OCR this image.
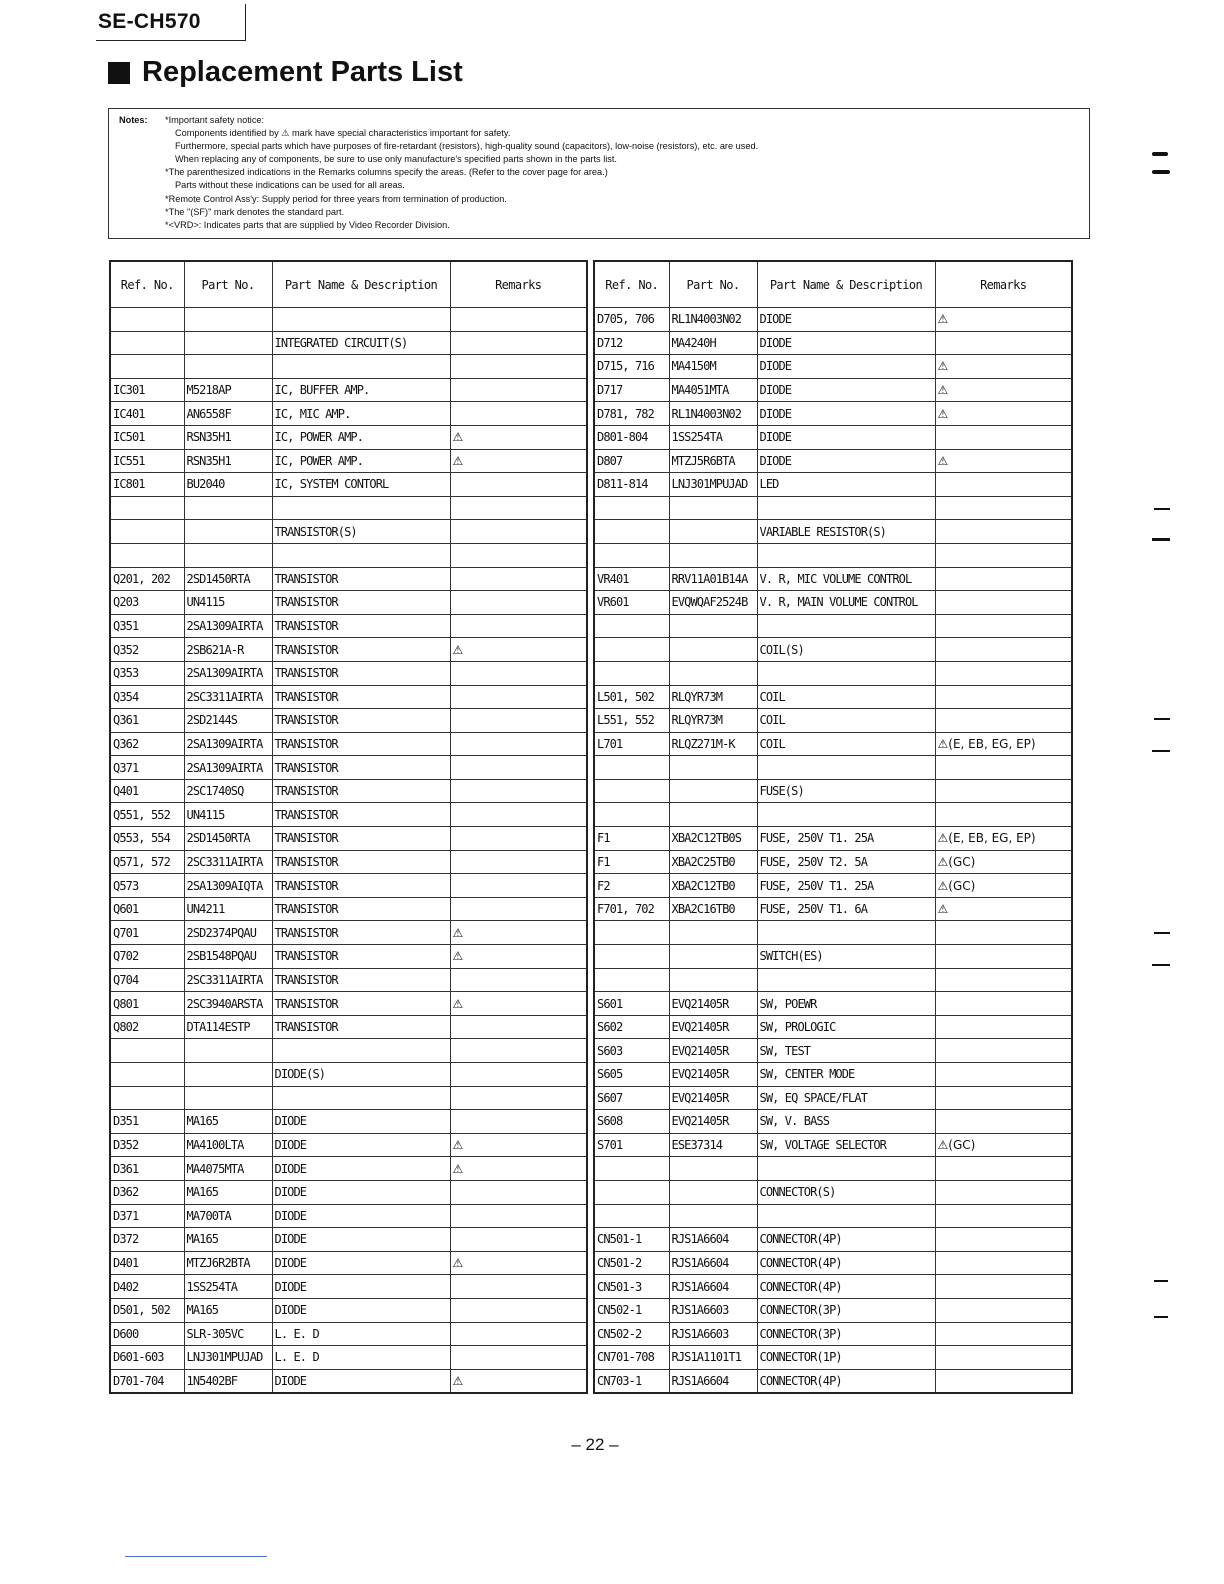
SE-CH570
Replacement Parts List
Notes:	*Important safety notice:
Components identified by ⚠ mark have special characteristics important for safety.
Furthermore, special parts which have purposes of fire-retardant (resistors), high-quality sound (capacitors), low-noise (resistors), etc. are used.
When replacing any of components, be sure to use only manufacture's specified parts shown in the parts list.
*The parenthesized indications in the Remarks columns specify the areas. (Refer to the cover page for area.)
Parts without these indications can be used for all areas.
*Remote Control Ass'y: Supply period for three years from termination of production.
*The "(SF)" mark denotes the standard part.
*<VRD>: Indicates parts that are supplied by Video Recorder Division.
Ref. No.	Part No.	Part Name & Description	Remarks

		INTEGRATED CIRCUIT(S)	

IC301	M5218AP	IC, BUFFER AMP.	
IC401	AN6558F	IC, MIC AMP.	
IC501	RSN35H1	IC, POWER AMP.	⚠
IC551	RSN35H1	IC, POWER AMP.	⚠
IC801	BU2040	IC, SYSTEM CONTORL	

		TRANSISTOR(S)	

Q201, 202	2SD1450RTA	TRANSISTOR	
Q203	UN4115	TRANSISTOR	
Q351	2SA1309AIRTA	TRANSISTOR	
Q352	2SB621A-R	TRANSISTOR	⚠
Q353	2SA1309AIRTA	TRANSISTOR	
Q354	2SC3311AIRTA	TRANSISTOR	
Q361	2SD2144S	TRANSISTOR	
Q362	2SA1309AIRTA	TRANSISTOR	
Q371	2SA1309AIRTA	TRANSISTOR	
Q401	2SC1740SQ	TRANSISTOR	
Q551, 552	UN4115	TRANSISTOR	
Q553, 554	2SD1450RTA	TRANSISTOR	
Q571, 572	2SC3311AIRTA	TRANSISTOR	
Q573	2SA1309AIQTA	TRANSISTOR	
Q601	UN4211	TRANSISTOR	
Q701	2SD2374PQAU	TRANSISTOR	⚠
Q702	2SB1548PQAU	TRANSISTOR	⚠
Q704	2SC3311AIRTA	TRANSISTOR	
Q801	2SC3940ARSTA	TRANSISTOR	⚠
Q802	DTA114ESTP	TRANSISTOR	

		DIODE(S)	

D351	MA165	DIODE	
D352	MA4100LTA	DIODE	⚠
D361	MA4075MTA	DIODE	⚠
D362	MA165	DIODE	
D371	MA700TA	DIODE	
D372	MA165	DIODE	
D401	MTZJ6R2BTA	DIODE	⚠
D402	1SS254TA	DIODE	
D501, 502	MA165	DIODE	
D600	SLR-305VC	L. E. D	
D601-603	LNJ301MPUJAD	L. E. D	
D701-704	1N5402BF	DIODE	⚠
Ref. No.	Part No.	Part Name & Description	Remarks
D705, 706	RL1N4003N02	DIODE	⚠
D712	MA4240H	DIODE	
D715, 716	MA4150M	DIODE	⚠
D717	MA4051MTA	DIODE	⚠
D781, 782	RL1N4003N02	DIODE	⚠
D801-804	1SS254TA	DIODE	
D807	MTZJ5R6BTA	DIODE	⚠
D811-814	LNJ301MPUJAD	LED	

		VARIABLE RESISTOR(S)	

VR401	RRV11A01B14A	V. R, MIC VOLUME CONTROL	
VR601	EVQWQAF2524B	V. R, MAIN VOLUME CONTROL	

		COIL(S)	

L501, 502	RLQYR73M	COIL	
L551, 552	RLQYR73M	COIL	
L701	RLQZ271M-K	COIL	⚠(E, EB, EG, EP)

		FUSE(S)	

F1	XBA2C12TB0S	FUSE, 250V T1. 25A	⚠(E, EB, EG, EP)
F1	XBA2C25TB0	FUSE, 250V T2. 5A	⚠(GC)
F2	XBA2C12TB0	FUSE, 250V T1. 25A	⚠(GC)
F701, 702	XBA2C16TB0	FUSE, 250V T1. 6A	⚠

		SWITCH(ES)	

S601	EVQ21405R	SW, POEWR	
S602	EVQ21405R	SW, PROLOGIC	
S603	EVQ21405R	SW, TEST	
S605	EVQ21405R	SW, CENTER MODE	
S607	EVQ21405R	SW, EQ SPACE/FLAT	
S608	EVQ21405R	SW, V. BASS	
S701	ESE37314	SW, VOLTAGE SELECTOR	⚠(GC)

		CONNECTOR(S)	

CN501-1	RJS1A6604	CONNECTOR(4P)	
CN501-2	RJS1A6604	CONNECTOR(4P)	
CN501-3	RJS1A6604	CONNECTOR(4P)	
CN502-1	RJS1A6603	CONNECTOR(3P)	
CN502-2	RJS1A6603	CONNECTOR(3P)	
CN701-708	RJS1A1101T1	CONNECTOR(1P)	
CN703-1	RJS1A6604	CONNECTOR(4P)	
– 22 –
